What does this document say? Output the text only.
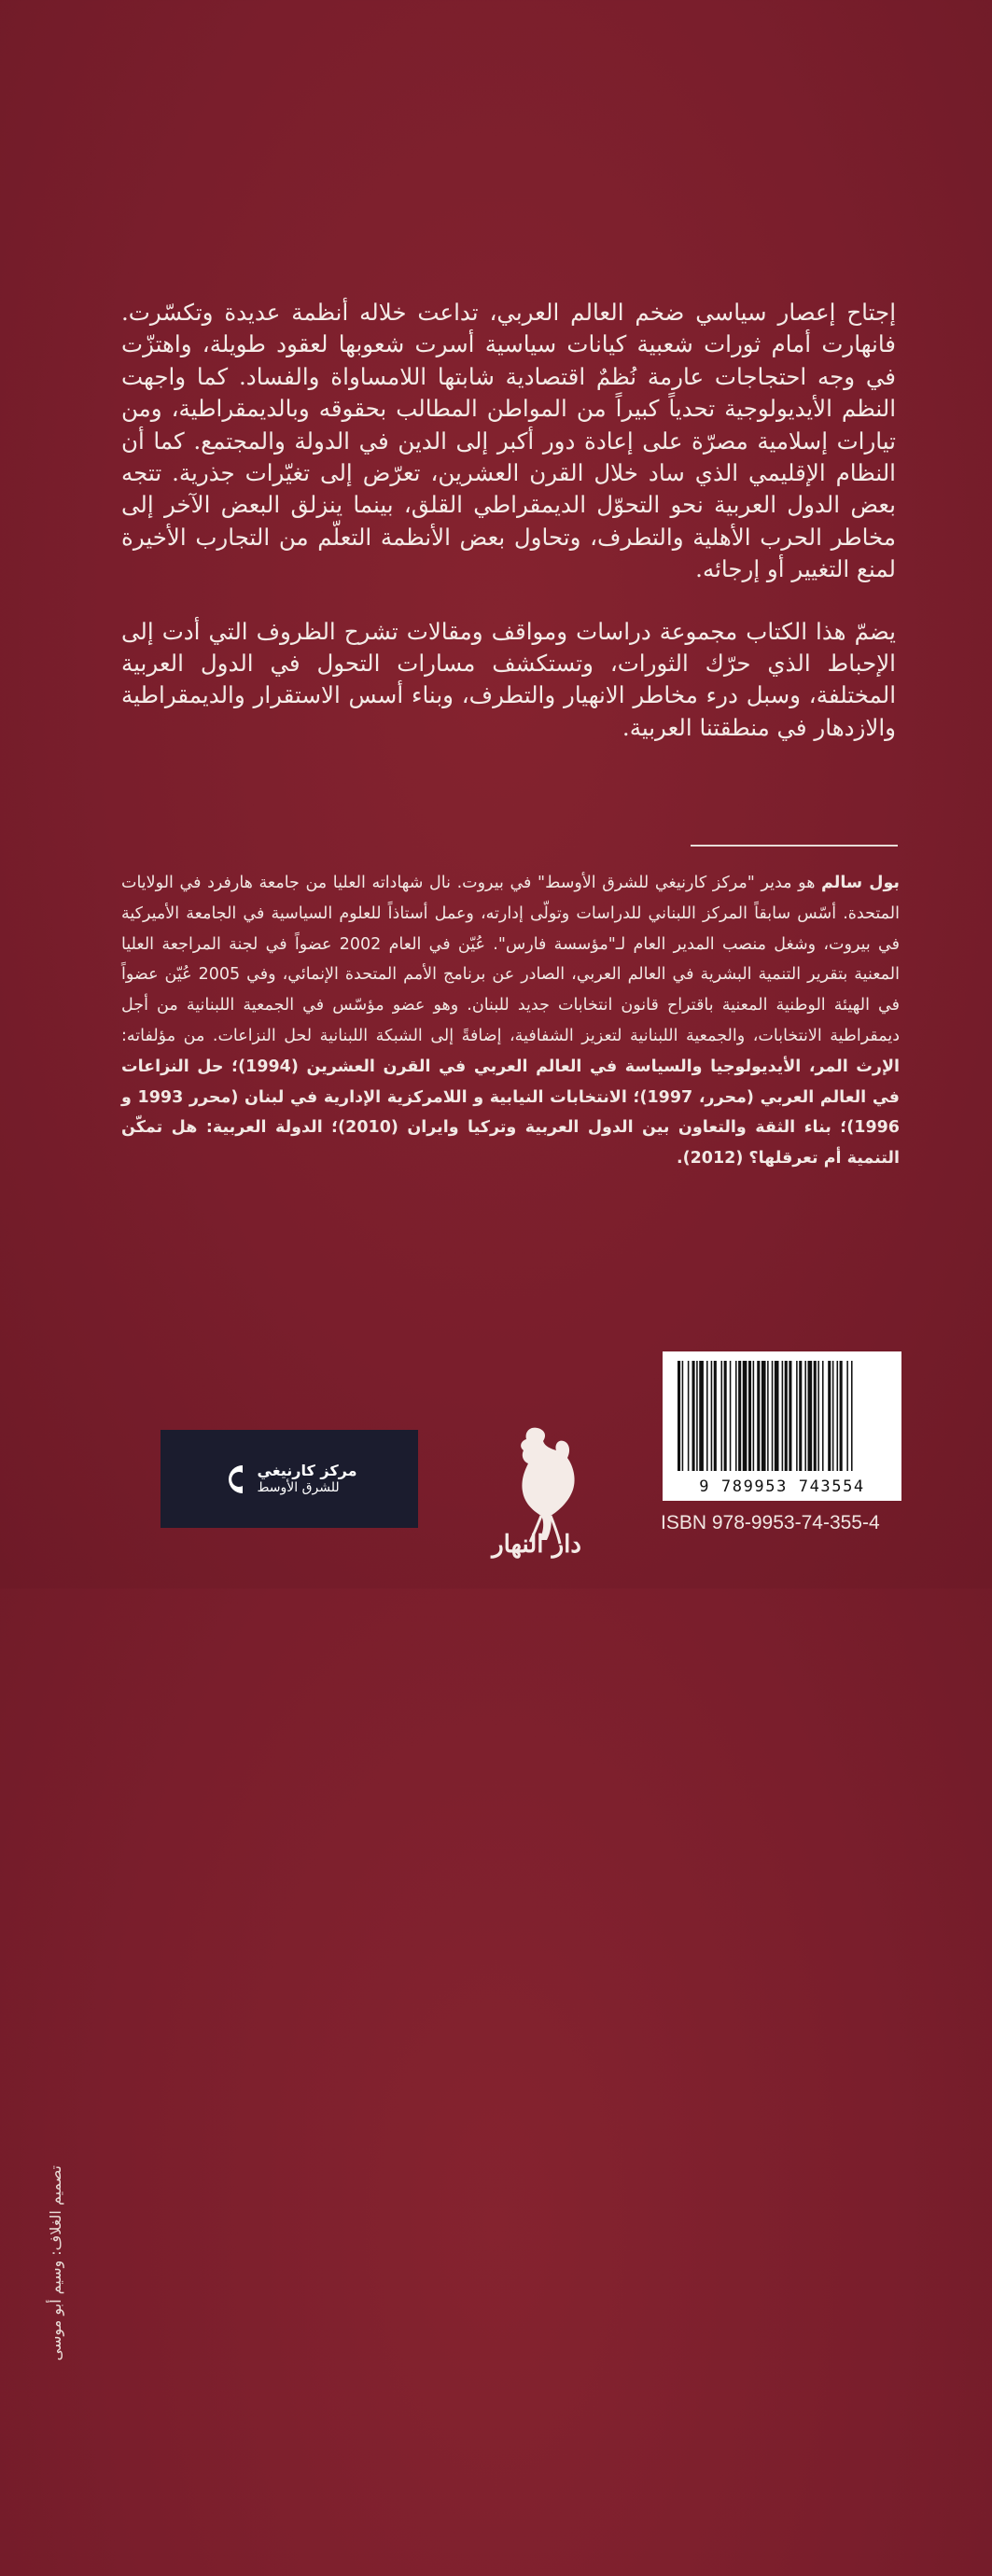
إجتاح إعصار سياسي ضخم العالم العربي، تداعت خلاله أنظمة عديدة وتكسّرت. فانهارت أمام ثورات شعبية كيانات سياسية أسرت شعوبها لعقود طويلة، واهتزّت في وجه احتجاجات عارمة نُظمٌ اقتصادية شابتها اللامساواة والفساد. كما واجهت النظم الأيديولوجية تحدياً كبيراً من المواطن المطالب بحقوقه وبالديمقراطية، ومن تيارات إسلامية مصرّة على إعادة دور أكبر إلى الدين في الدولة والمجتمع. كما أن النظام الإقليمي الذي ساد خلال القرن العشرين، تعرّض إلى تغيّرات جذرية. تتجه بعض الدول العربية نحو التحوّل الديمقراطي القلق، بينما ينزلق البعض الآخر إلى مخاطر الحرب الأهلية والتطرف، وتحاول بعض الأنظمة التعلّم من التجارب الأخيرة لمنع التغيير أو إرجائه.

يضمّ هذا الكتاب مجموعة دراسات ومواقف ومقالات تشرح الظروف التي أدت إلى الإحباط الذي حرّك الثورات، وتستكشف مسارات التحول في الدول العربية المختلفة، وسبل درء مخاطر الانهيار والتطرف، وبناء أسس الاستقرار والديمقراطية والازدهار في منطقتنا العربية.

بول سالم هو مدير "مركز كارنيغي للشرق الأوسط" في بيروت. نال شهاداته العليا من جامعة هارفرد في الولايات المتحدة. أسّس سابقاً المركز اللبناني للدراسات وتولّى إدارته، وعمل أستاذاً للعلوم السياسية في الجامعة الأميركية في بيروت، وشغل منصب المدير العام لـ"مؤسسة فارس". عُيّن في العام 2002 عضواً في لجنة المراجعة العليا المعنية بتقرير التنمية البشرية في العالم العربي، الصادر عن برنامج الأمم المتحدة الإنمائي، وفي 2005 عُيّن عضواً في الهيئة الوطنية المعنية باقتراح قانون انتخابات جديد للبنان. وهو عضو مؤسّس في الجمعية اللبنانية من أجل ديمقراطية الانتخابات، والجمعية اللبنانية لتعزيز الشفافية، إضافةً إلى الشبكة اللبنانية لحل النزاعات. من مؤلفاته: الإرث المر، الأيديولوجيا والسياسة في العالم العربي في القرن العشرين (1994)؛ حل النزاعات في العالم العربي (محرر، 1997)؛ الانتخابات النيابية و اللامركزية الإدارية في لبنان (محرر 1993 و 1996)؛ بناء الثقة والتعاون بين الدول العربية وتركيا وايران (2010)؛ الدولة العربية: هل تمكّن التنمية أم تعرقلها؟ (2012).
تصميم الغلاف: وسيم أبو موسى
مركز كارنيغي
للشرق الأوسط
دار النهار
9 789953 743554
ISBN 978-9953-74-355-4
